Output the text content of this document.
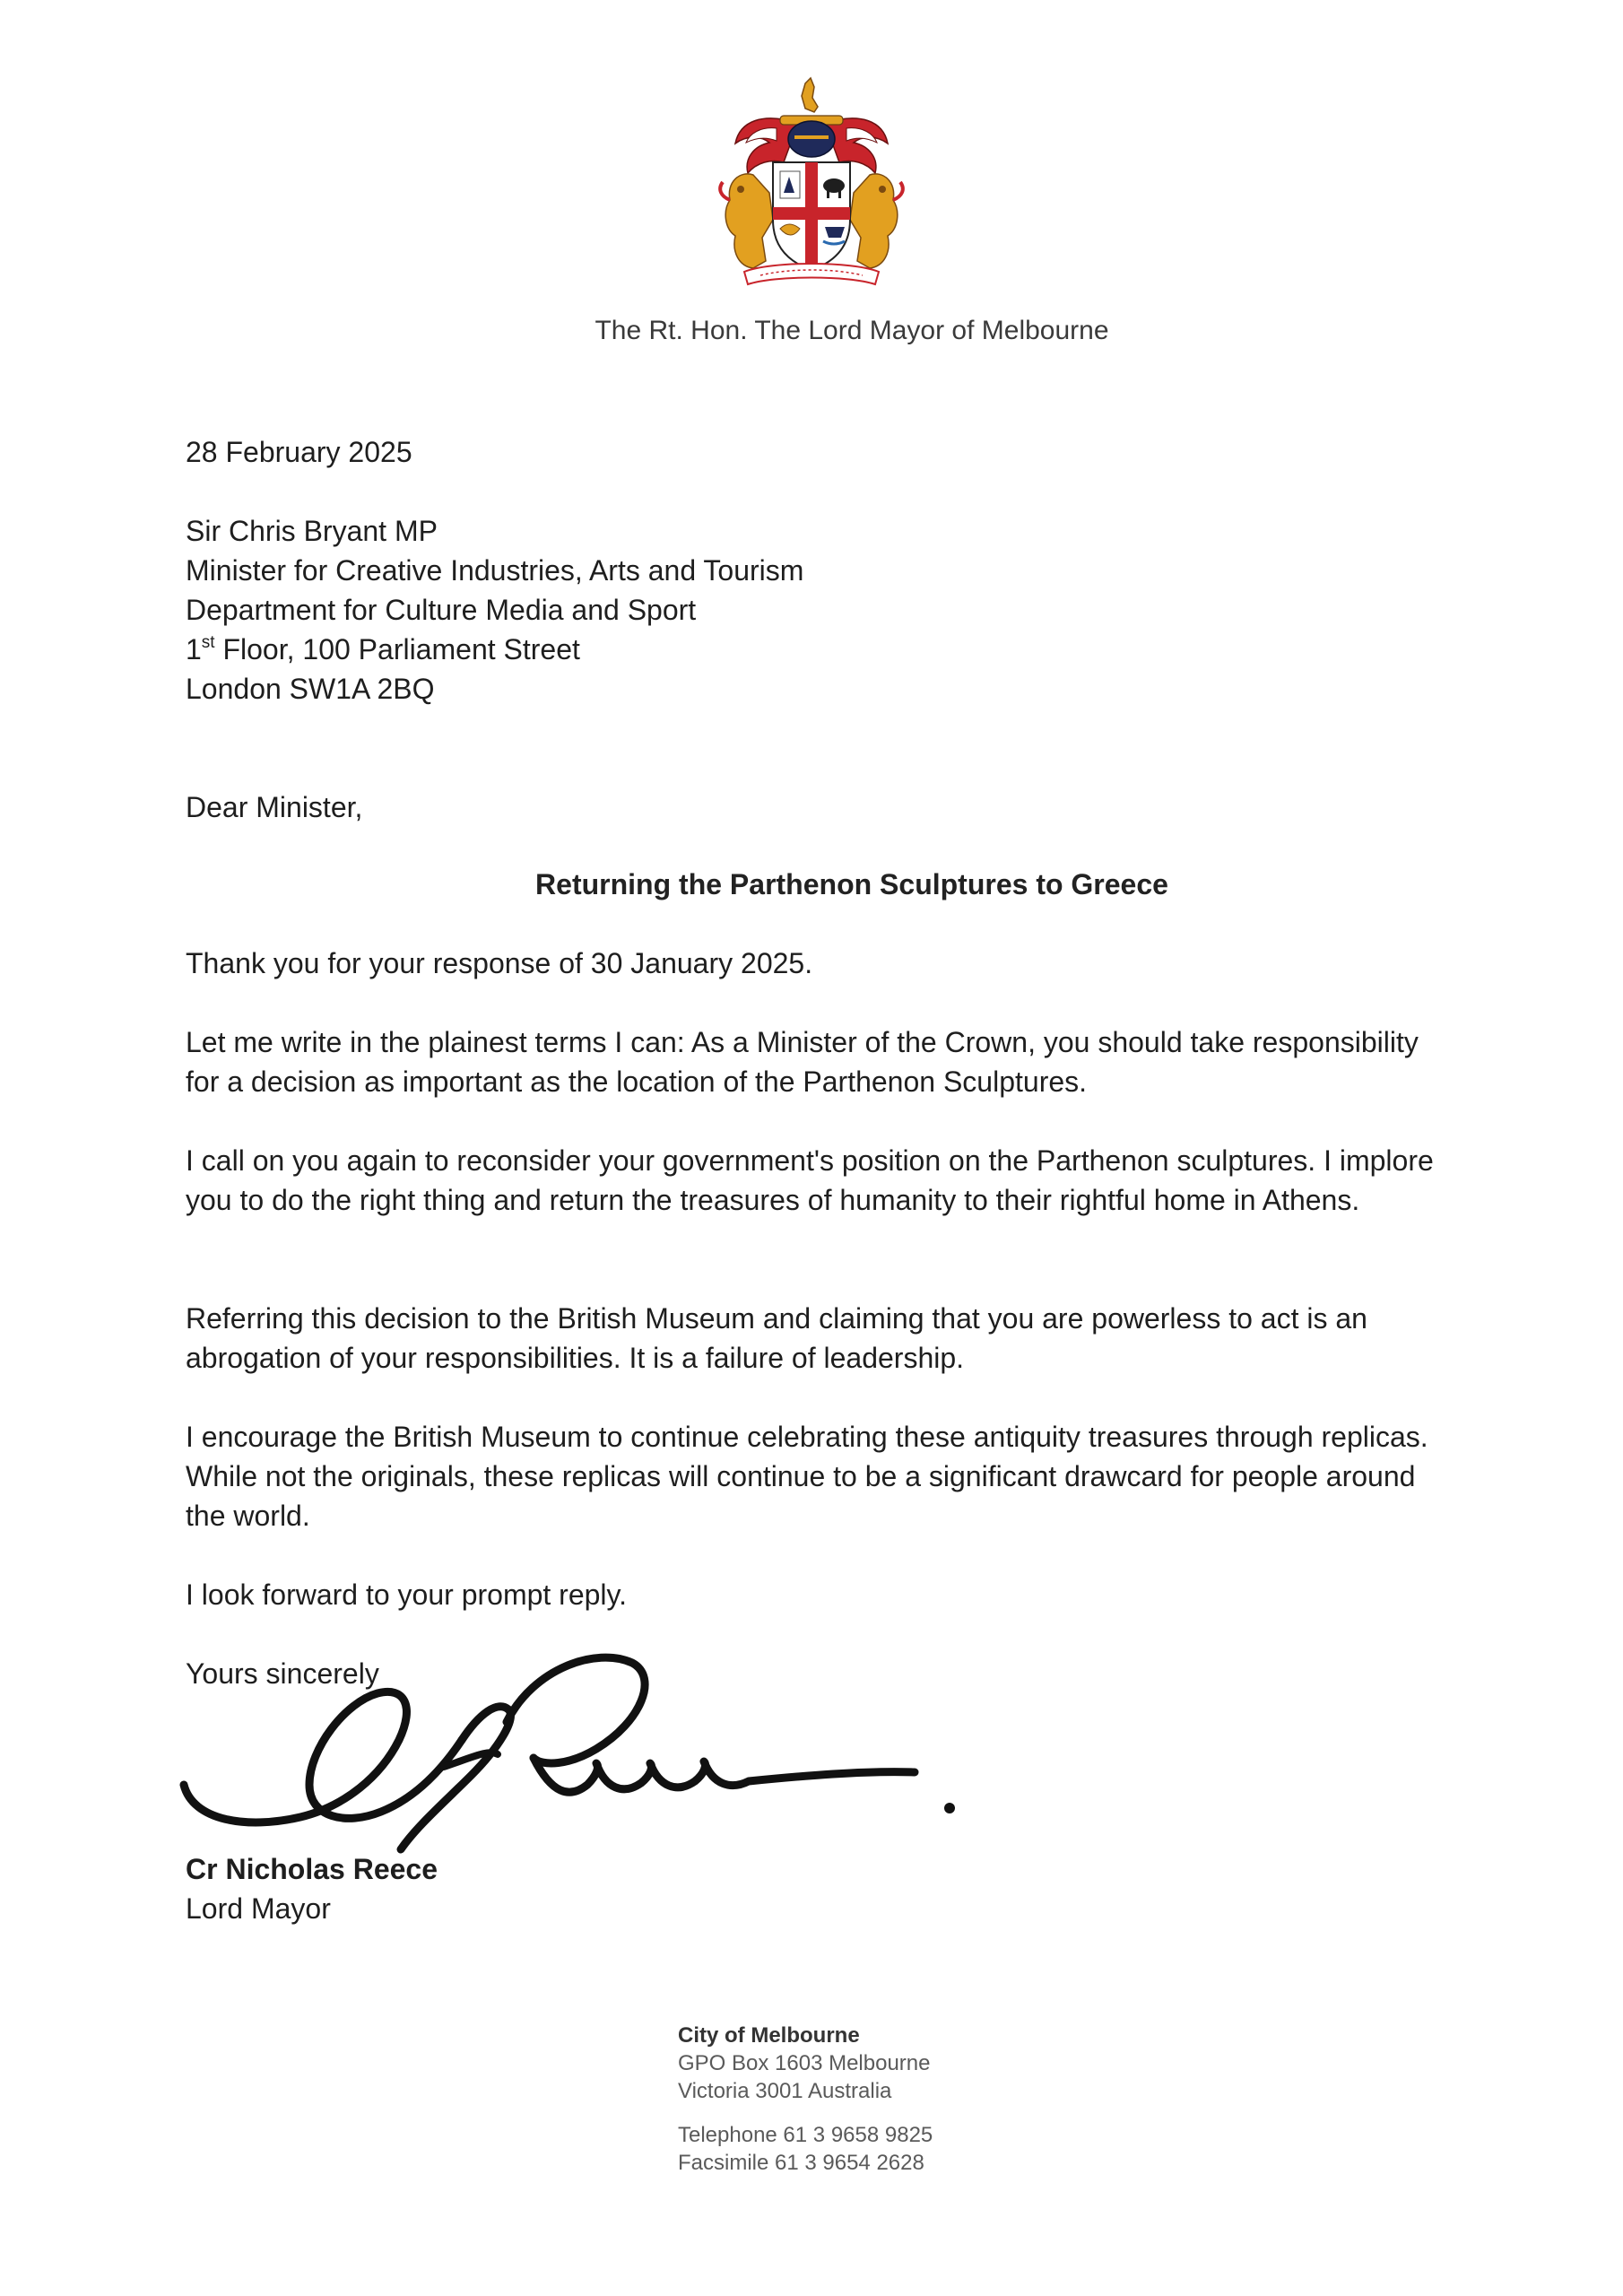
The Rt. Hon. The Lord Mayor of Melbourne
28 February 2025
Sir Chris Bryant MP
Minister for Creative Industries, Arts and Tourism
Department for Culture Media and Sport
1st Floor, 100 Parliament Street
London SW1A 2BQ
Dear Minister,
Returning the Parthenon Sculptures to Greece
Thank you for your response of 30 January 2025.
Let me write in the plainest terms I can: As a Minister of the Crown, you should take responsibility for a decision as important as the location of the Parthenon Sculptures.
I call on you again to reconsider your government's position on the Parthenon sculptures. I implore you to do the right thing and return the treasures of humanity to their rightful home in Athens.
Referring this decision to the British Museum and claiming that you are powerless to act is an abrogation of your responsibilities. It is a failure of leadership.
I encourage the British Museum to continue celebrating these antiquity treasures through replicas. While not the originals, these replicas will continue to be a significant drawcard for people around the world.
I look forward to your prompt reply.
Yours sincerely
Cr Nicholas Reece
Lord Mayor
City of Melbourne
GPO Box 1603 Melbourne
Victoria 3001 Australia
Telephone 61 3 9658 9825
Facsimile 61 3 9654 2628
